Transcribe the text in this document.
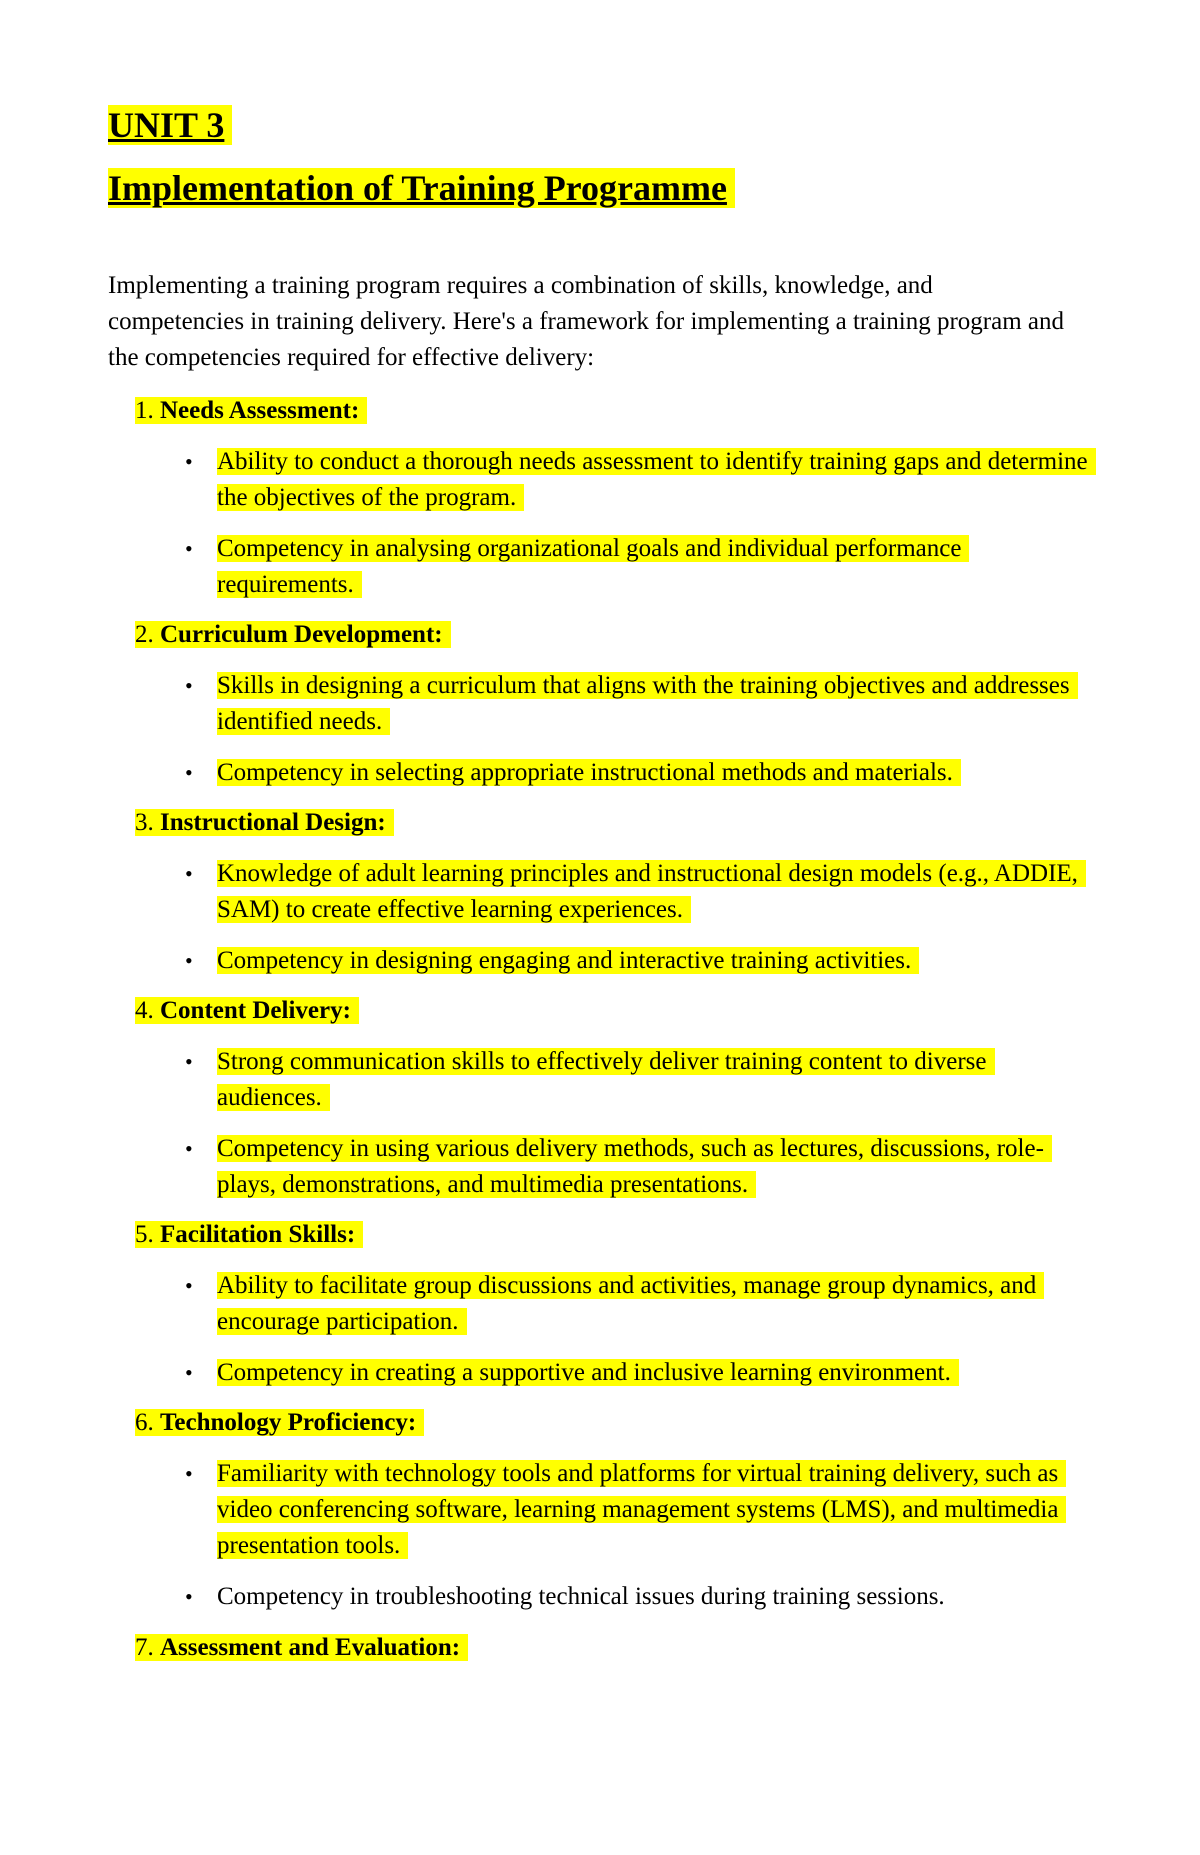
UNIT 3
Implementation of Training Programme

Implementing a training program requires a combination of skills, knowledge, and competencies in training delivery. Here's a framework for implementing a training program and the competencies required for effective delivery:

1. Needs Assessment:

• Ability to conduct a thorough needs assessment to identify training gaps and determine the objectives of the program.
• Competency in analysing organizational goals and individual performance requirements.

2. Curriculum Development:

• Skills in designing a curriculum that aligns with the training objectives and addresses identified needs.
• Competency in selecting appropriate instructional methods and materials.

3. Instructional Design:

• Knowledge of adult learning principles and instructional design models (e.g., ADDIE, SAM) to create effective learning experiences.
• Competency in designing engaging and interactive training activities.

4. Content Delivery:

• Strong communication skills to effectively deliver training content to diverse audiences.
• Competency in using various delivery methods, such as lectures, discussions, role-plays, demonstrations, and multimedia presentations.

5. Facilitation Skills:

• Ability to facilitate group discussions and activities, manage group dynamics, and encourage participation.
• Competency in creating a supportive and inclusive learning environment.

6. Technology Proficiency:

• Familiarity with technology tools and platforms for virtual training delivery, such as video conferencing software, learning management systems (LMS), and multimedia presentation tools.
• Competency in troubleshooting technical issues during training sessions.

7. Assessment and Evaluation:
